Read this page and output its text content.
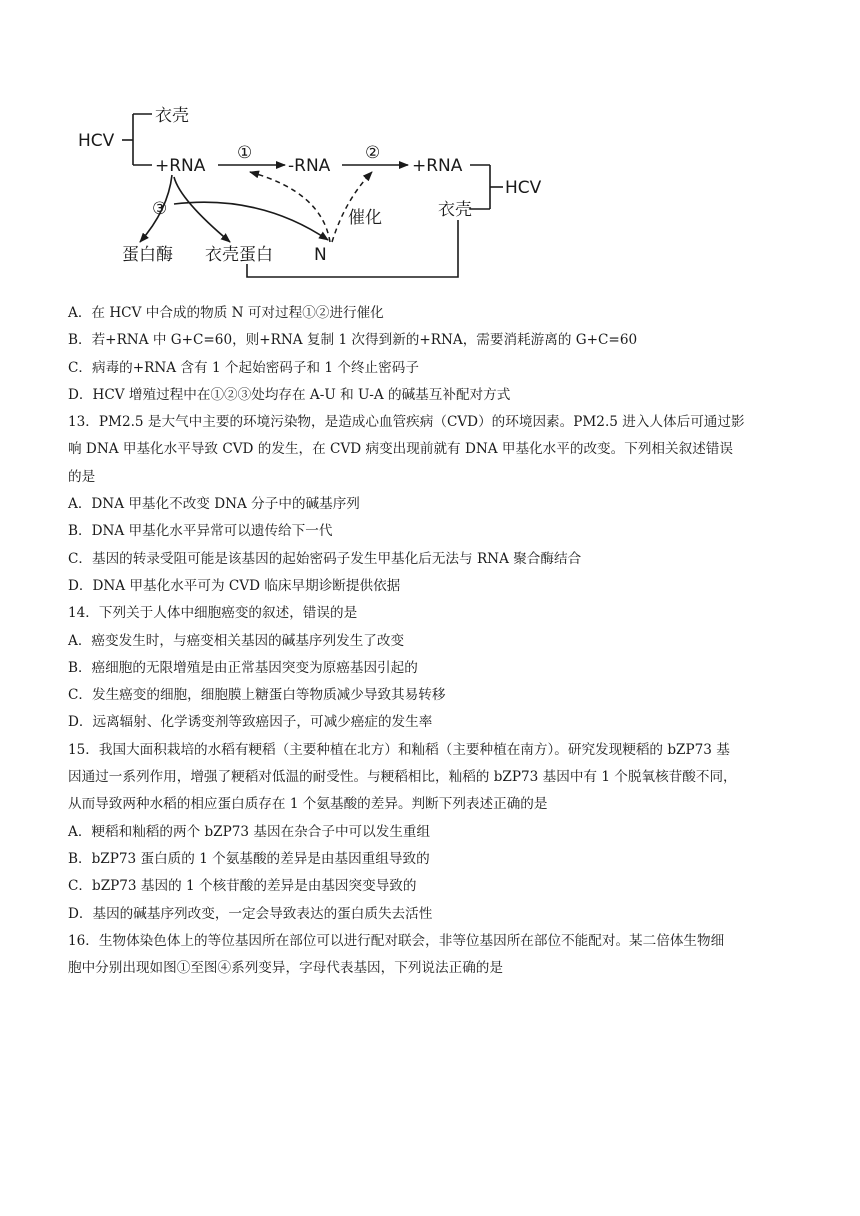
HCV
衣壳
+RNA
①
-RNA
②
+RNA
HCV
衣壳
催化
③
蛋白酶 衣壳蛋白 N
A．在 HCV 中合成的物质 N 可对过程①②进行催化
B．若+RNA 中 G+C=60，则+RNA 复制 1 次得到新的+RNA，需要消耗游离的 G+C=60
C．病毒的+RNA 含有 1 个起始密码子和 1 个终止密码子
D．HCV 增殖过程中在①②③处均存在 A-U 和 U-A 的碱基互补配对方式
13．PM2.5 是大气中主要的环境污染物，是造成心血管疾病（CVD）的环境因素。PM2.5 进入人体后可通过影
响 DNA 甲基化水平导致 CVD 的发生，在 CVD 病变出现前就有 DNA 甲基化水平的改变。下列相关叙述错误
的是
A．DNA 甲基化不改变 DNA 分子中的碱基序列
B．DNA 甲基化水平异常可以遗传给下一代
C．基因的转录受阻可能是该基因的起始密码子发生甲基化后无法与 RNA 聚合酶结合
D．DNA 甲基化水平可为 CVD 临床早期诊断提供依据
14．下列关于人体中细胞癌变的叙述，错误的是
A．癌变发生时，与癌变相关基因的碱基序列发生了改变
B．癌细胞的无限增殖是由正常基因突变为原癌基因引起的
C．发生癌变的细胞，细胞膜上糖蛋白等物质减少导致其易转移
D．远离辐射、化学诱变剂等致癌因子，可减少癌症的发生率
15．我国大面积栽培的水稻有粳稻（主要种植在北方）和籼稻（主要种植在南方）。研究发现粳稻的 bZP73 基
因通过一系列作用，增强了粳稻对低温的耐受性。与粳稻相比，籼稻的 bZP73 基因中有 1 个脱氧核苷酸不同，
从而导致两种水稻的相应蛋白质存在 1 个氨基酸的差异。判断下列表述正确的是
A．粳稻和籼稻的两个 bZP73 基因在杂合子中可以发生重组
B．bZP73 蛋白质的 1 个氨基酸的差异是由基因重组导致的
C．bZP73 基因的 1 个核苷酸的差异是由基因突变导致的
D．基因的碱基序列改变，一定会导致表达的蛋白质失去活性
16．生物体染色体上的等位基因所在部位可以进行配对联会，非等位基因所在部位不能配对。某二倍体生物细
胞中分别出现如图①至图④系列变异，字母代表基因，下列说法正确的是
